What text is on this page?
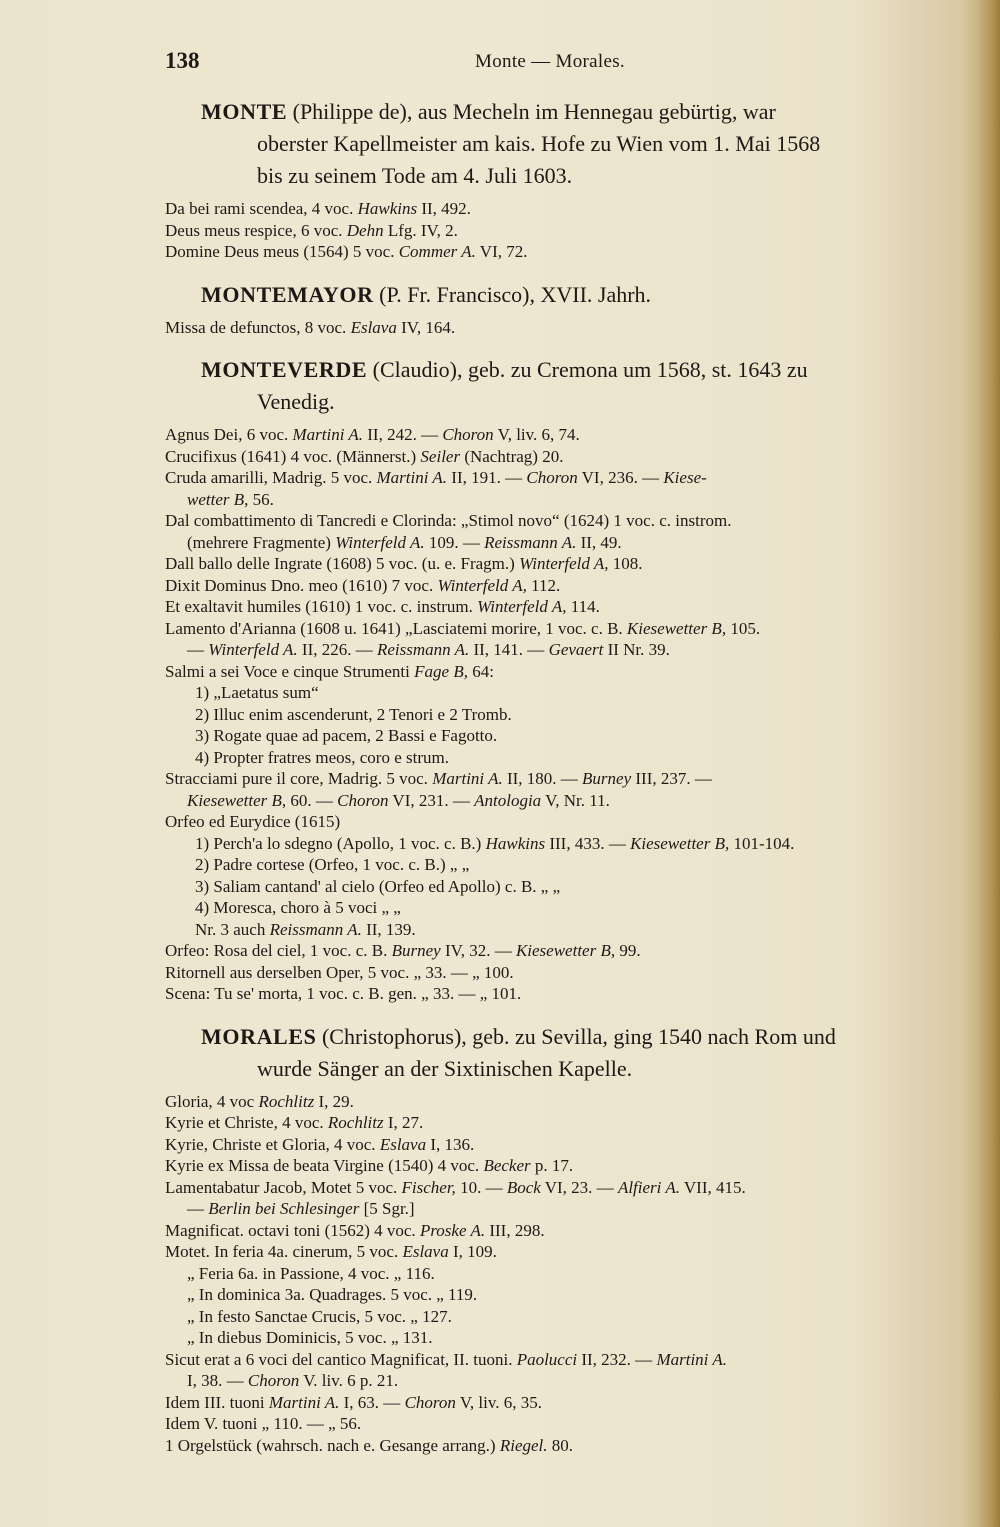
138	Monte — Morales.
MONTE (Philippe de), aus Mecheln im Hennegau gebürtig, war
oberster Kapellmeister am kais. Hofe zu Wien vom 1. Mai 1568
bis zu seinem Tode am 4. Juli 1603.
Da bei rami scendea, 4 voc. Hawkins II, 492.
Deus meus respice, 6 voc. Dehn Lfg. IV, 2.
Domine Deus meus (1564) 5 voc. Commer A. VI, 72.
MONTEMAYOR (P. Fr. Francisco), XVII. Jahrh.
Missa de defunctos, 8 voc. Eslava IV, 164.
MONTEVERDE (Claudio), geb. zu Cremona um 1568, st. 1643 zu
Venedig.
Agnus Dei, 6 voc. Martini A. II, 242. — Choron V, liv. 6, 74.
Crucifixus (1641) 4 voc. (Männerst.) Seiler (Nachtrag) 20.
Cruda amarilli, Madrig. 5 voc. Martini A. II, 191. — Choron VI, 236. — Kiese-
wetter B, 56.
Dal combattimento di Tancredi e Clorinda: „Stimol novo“ (1624) 1 voc. c. instrom.
(mehrere Fragmente) Winterfeld A. 109. — Reissmann A. II, 49.
Dall ballo delle Ingrate (1608) 5 voc. (u. e. Fragm.) Winterfeld A, 108.
Dixit Dominus Dno. meo (1610) 7 voc. Winterfeld A, 112.
Et exaltavit humiles (1610) 1 voc. c. instrum. Winterfeld A, 114.
Lamento d'Arianna (1608 u. 1641) „Lasciatemi morire, 1 voc. c. B. Kiesewetter B, 105.
— Winterfeld A. II, 226. — Reissmann A. II, 141. — Gevaert II Nr. 39.
Salmi a sei Voce e cinque Strumenti Fage B, 64:
1) „Laetatus sum“
2) Illuc enim ascenderunt, 2 Tenori e 2 Tromb.
3) Rogate quae ad pacem, 2 Bassi e Fagotto.
4) Propter fratres meos, coro e strum.
Stracciami pure il core, Madrig. 5 voc. Martini A. II, 180. — Burney III, 237. —
Kiesewetter B, 60. — Choron VI, 231. — Antologia V, Nr. 11.
Orfeo ed Eurydice (1615)
1) Perch'a lo sdegno (Apollo, 1 voc. c. B.) Hawkins III, 433. — Kiesewetter B, 101-104.
2) Padre cortese (Orfeo, 1 voc. c. B.) „ „
3) Saliam cantand' al cielo (Orfeo ed Apollo) c. B. „ „
4) Moresca, choro à 5 voci „ „
Nr. 3 auch Reissmann A. II, 139.
Orfeo: Rosa del ciel, 1 voc. c. B. Burney IV, 32. — Kiesewetter B, 99.
Ritornell aus derselben Oper, 5 voc. „ 33. — „ 100.
Scena: Tu se' morta, 1 voc. c. B. gen. „ 33. — „ 101.
MORALES (Christophorus), geb. zu Sevilla, ging 1540 nach Rom und
wurde Sänger an der Sixtinischen Kapelle.
Gloria, 4 voc Rochlitz I, 29.
Kyrie et Christe, 4 voc. Rochlitz I, 27.
Kyrie, Christe et Gloria, 4 voc. Eslava I, 136.
Kyrie ex Missa de beata Virgine (1540) 4 voc. Becker p. 17.
Lamentabatur Jacob, Motet 5 voc. Fischer, 10. — Bock VI, 23. — Alfieri A. VII, 415.
— Berlin bei Schlesinger [5 Sgr.]
Magnificat. octavi toni (1562) 4 voc. Proske A. III, 298.
Motet. In feria 4a. cinerum, 5 voc. Eslava I, 109.
„ Feria 6a. in Passione, 4 voc. „ 116.
„ In dominica 3a. Quadrages. 5 voc. „ 119.
„ In festo Sanctae Crucis, 5 voc. „ 127.
„ In diebus Dominicis, 5 voc. „ 131.
Sicut erat a 6 voci del cantico Magnificat, II. tuoni. Paolucci II, 232. — Martini A.
I, 38. — Choron V. liv. 6 p. 21.
Idem III. tuoni Martini A. I, 63. — Choron V, liv. 6, 35.
Idem V. tuoni „ 110. — „ 56.
1 Orgelstück (wahrsch. nach e. Gesange arrang.) Riegel. 80.
